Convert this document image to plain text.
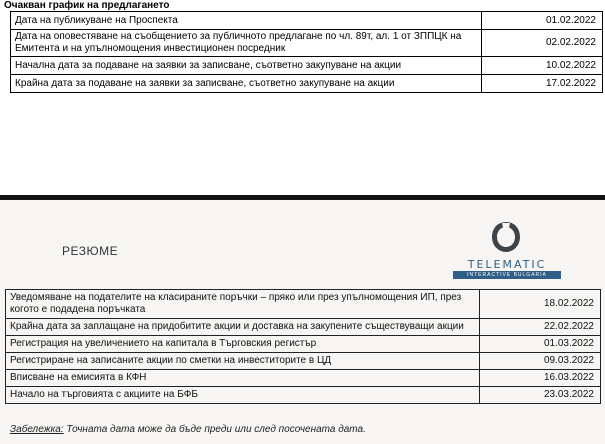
Очакван график на предлагането
Дата на публикуване на Проспекта	01.02.2022
Дата на оповестяване на съобщението за публичното предлагане по чл. 89т, ал. 1 от ЗППЦК на Емитента и на упълномощения инвестиционен посредник	02.02.2022
Начална дата за подаване на заявки за записване, съответно закупуване на акции	10.02.2022
Крайна дата за подаване на заявки за записване, съответно закупуване на акции	17.02.2022
РЕЗЮМЕ
TELEMATIC
INTERACTIVE BULGARIA
Уведомяване на подателите на класираните поръчки – пряко или през упълномощения ИП, през когото е подадена поръчката	18.02.2022
Крайна дата за заплащане на придобитите акции и доставка на закупените съществуващи акции	22.02.2022
Регистрация на увеличението на капитала в Търговския регистър	01.03.2022
Регистриране на записаните акции по сметки на инвеститорите в ЦД	09.03.2022
Вписване на емисията в КФН	16.03.2022
Начало на търговията с акциите на БФБ	23.03.2022
Забележка: Точната дата може да бъде преди или след посочената дата.
